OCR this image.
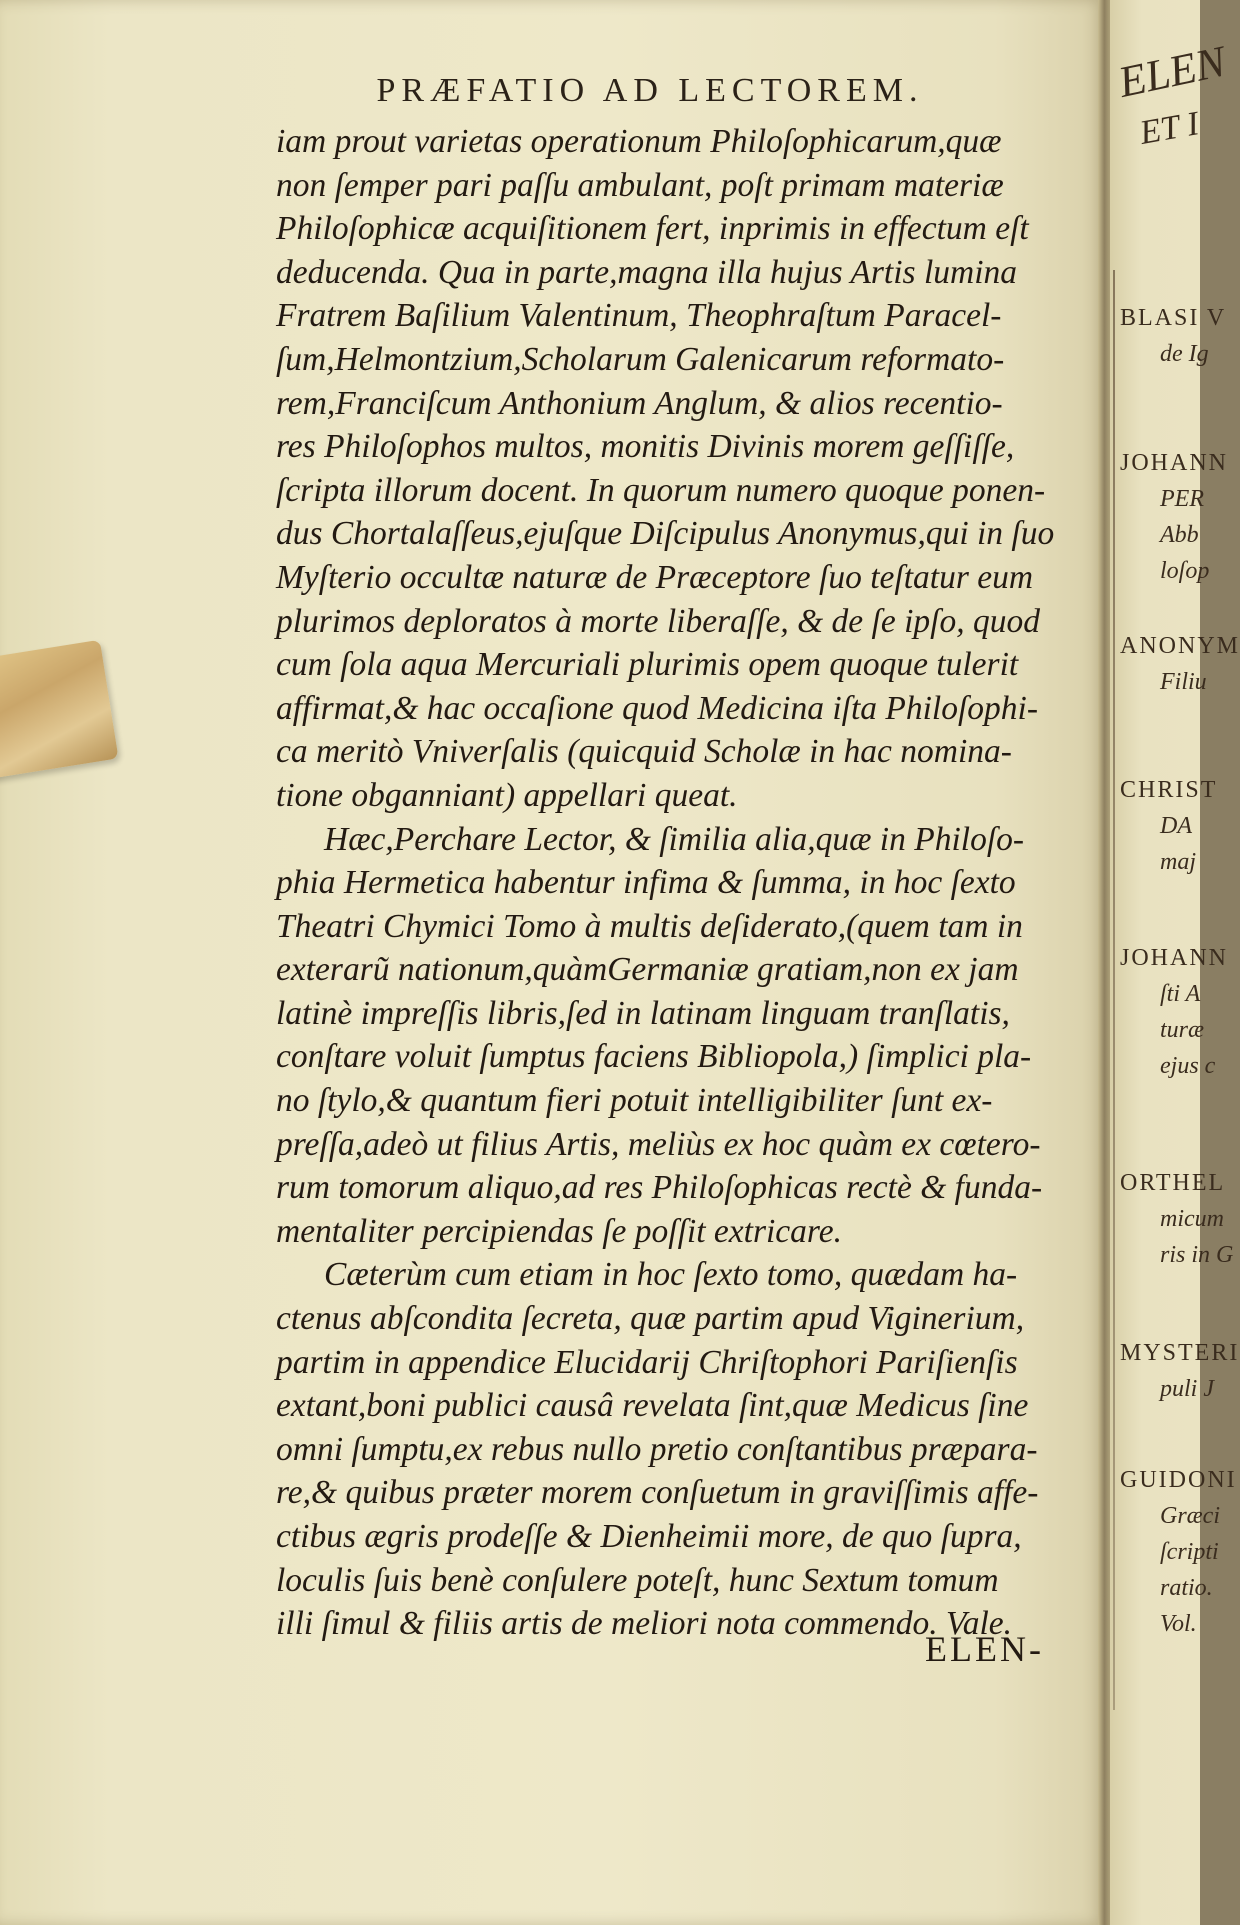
PRÆFATIO AD LECTOREM.
iam prout varietas operationum Philoſophicarum,quæ
non ſemper pari paſſu ambulant, poſt primam materiæ
Philoſophicæ acquiſitionem fert, inprimis in effectum eſt
deducenda. Qua in parte,magna illa hujus Artis lumina
Fratrem Baſilium Valentinum, Theophraſtum Paracel-
ſum,Helmontzium,Scholarum Galenicarum reformato-
rem,Franciſcum Anthonium Anglum, & alios recentio-
res Philoſophos multos, monitis Divinis morem geſſiſſe,
ſcripta illorum docent. In quorum numero quoque ponen-
dus Chortalaſſeus,ejuſque Diſcipulus Anonymus,qui in ſuo
Myſterio occultæ naturæ de Præceptore ſuo teſtatur eum
plurimos deploratos à morte liberaſſe, & de ſe ipſo, quod
cum ſola aqua Mercuriali plurimis opem quoque tulerit
affirmat,& hac occaſione quod Medicina iſta Philoſophi-
ca meritò Vniverſalis (quicquid Scholæ in hac nomina-
tione obganniant) appellari queat.
Hæc,Perchare Lector, & ſimilia alia,quæ in Philoſo-
phia Hermetica habentur infima & ſumma, in hoc ſexto
Theatri Chymici Tomo à multis deſiderato,(quem tam in
exterarũ nationum,quàmGermaniæ gratiam,non ex jam
latinè impreſſis libris,ſed in latinam linguam tranſlatis,
conſtare voluit ſumptus faciens Bibliopola,) ſimplici pla-
no ſtylo,& quantum fieri potuit intelligibiliter ſunt ex-
preſſa,adeò ut filius Artis, meliùs ex hoc quàm ex cœtero-
rum tomorum aliquo,ad res Philoſophicas rectè & funda-
mentaliter percipiendas ſe poſſit extricare.
Cæterùm cum etiam in hoc ſexto tomo, quædam ha-
ctenus abſcondita ſecreta, quæ partim apud Viginerium,
partim in appendice Elucidarij Chriſtophori Pariſienſis
extant,boni publici causâ revelata ſint,quæ Medicus ſine
omni ſumptu,ex rebus nullo pretio conſtantibus præpara-
re,& quibus præter morem conſuetum in graviſſimis affe-
ctibus ægris prodeſſe & Dienheimii more, de quo ſupra,
loculis ſuis benè conſulere poteſt, hunc Sextum tomum
illi ſimul & filiis artis de meliori nota commendo. Vale.
ELEN-
ELEN
ET I
BLASI V
de Ig
JOHANN
PER
Abb
loſop
ANONYM
Filiu
CHRIST
DA
maj
JOHANN
ſti A
turæ
ejus c
ORTHEL
micum
ris in G
MYSTERI
puli J
GUIDONI
Græci
ſcripti
ratio.
Vol.
